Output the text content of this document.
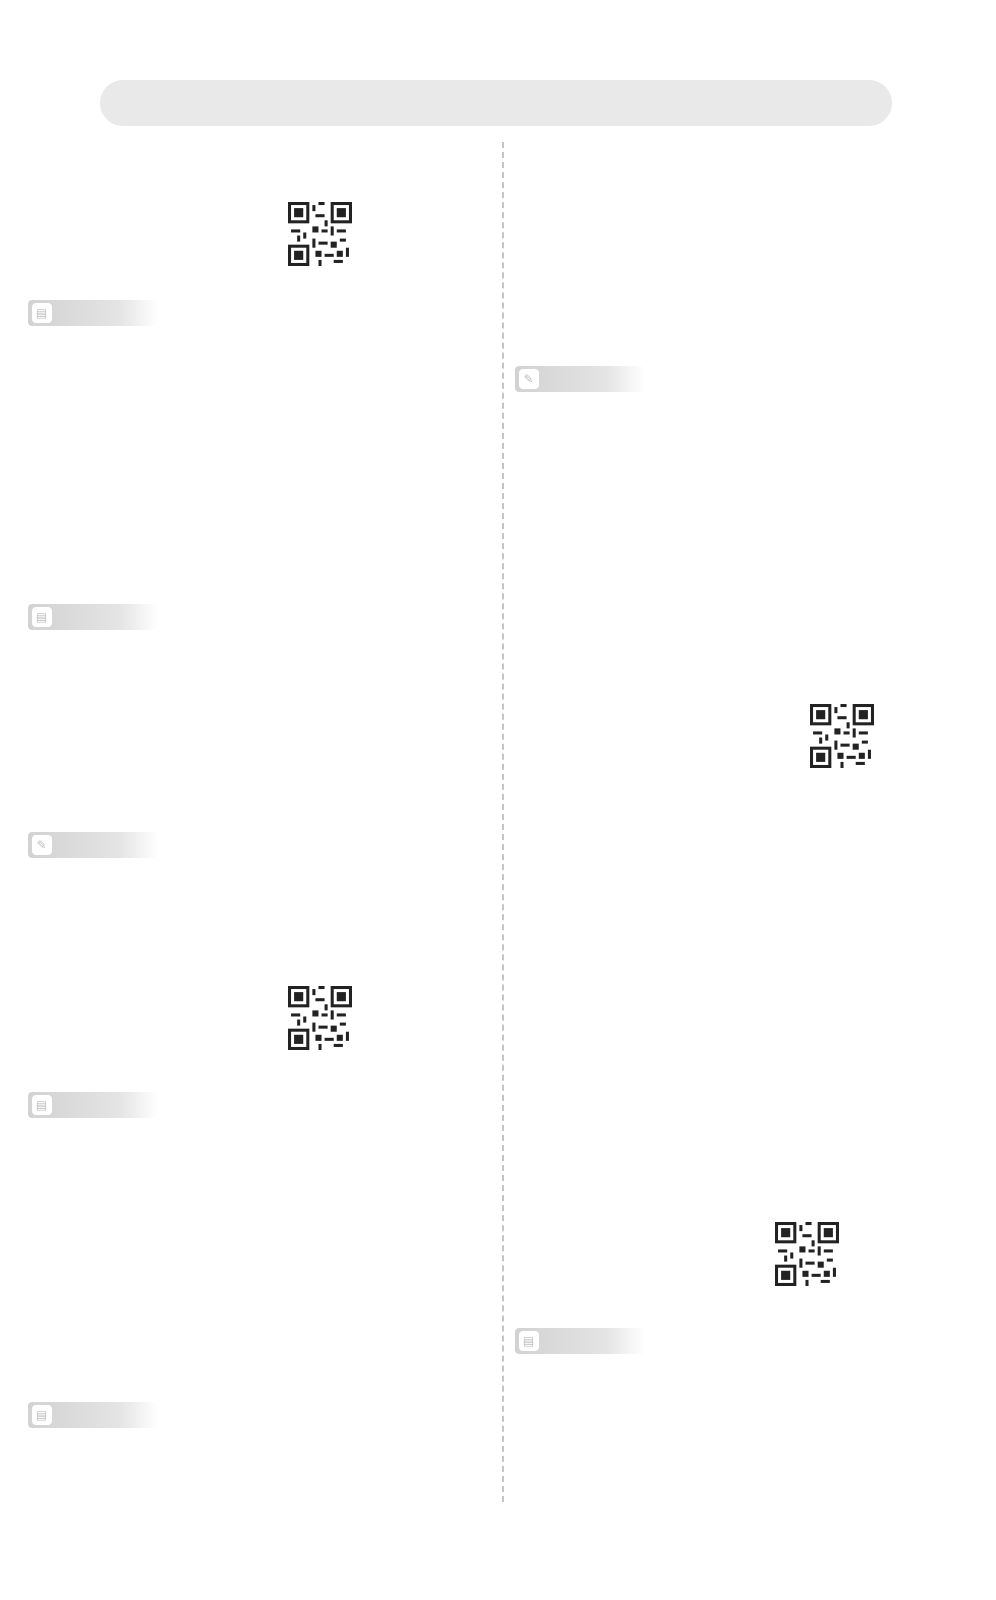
▤
▤
✎
▤
▤
✎
▤
